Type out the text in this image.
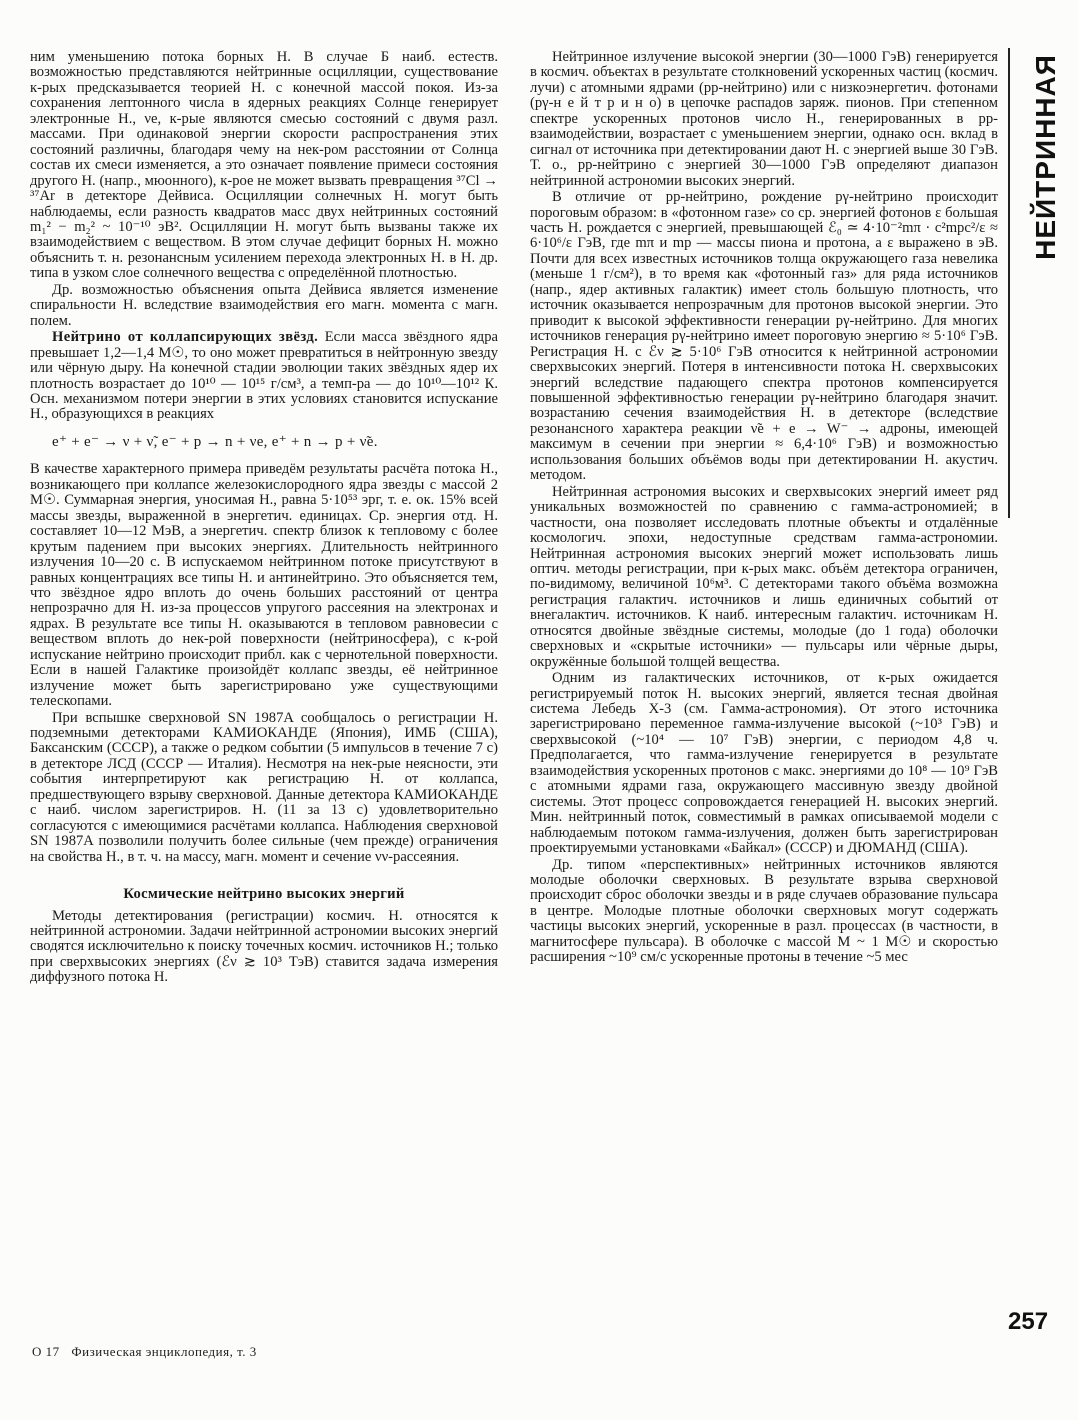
НЕЙТРИННАЯ

ним уменьшению потока борных Н. В случае Б наиб. естеств. возможностью представляются нейтринные осцилляции, существование к-рых предсказывается теорией Н. с конечной массой покоя. Из-за сохранения лептонного числа в ядерных реакциях Солнце генерирует электронные Н., νe, к-рые являются смесью состояний с двумя разл. массами. При одинаковой энергии скорости распространения этих состояний различны, благодаря чему на нек-ром расстоянии от Солнца состав их смеси изменяется, а это означает появление примеси состояния другого Н. (напр., мюонного), к-рое не может вызвать превращения ³⁷Cl → ³⁷Ar в детекторе Дейвиса. Осцилляции солнечных Н. могут быть наблюдаемы, если разность квадратов масс двух нейтринных состояний m₁² − m₂² ~ 10⁻¹⁰ эВ². Осцилляции Н. могут быть вызваны также их взаимодействием с веществом. В этом случае дефицит борных Н. можно объяснить т. н. резонансным усилением перехода электронных Н. в Н. др. типа в узком слое солнечного вещества с определённой плотностью.

Др. возможностью объяснения опыта Дейвиса является изменение спиральности Н. вследствие взаимодействия его магн. момента с магн. полем.

Нейтрино от коллапсирующих звёзд. Если масса звёздного ядра превышает 1,2—1,4 M☉, то оно может превратиться в нейтронную звезду или чёрную дыру. На конечной стадии эволюции таких звёздных ядер их плотность возрастает до 10¹⁰ — 10¹⁵ г/см³, а темп-ра — до 10¹⁰—10¹² К. Осн. механизмом потери энергии в этих условиях становится испускание Н., образующихся в реакциях

e⁺ + e⁻ → ν + ν̃, e⁻ + p → n + νe, e⁺ + n → p + ν̃e.

В качестве характерного примера приведём результаты расчёта потока Н., возникающего при коллапсе железокислородного ядра звезды с массой 2 M☉. Суммарная энергия, уносимая Н., равна 5·10⁵³ эрг, т. е. ок. 15% всей массы звезды, выраженной в энергетич. единицах. Ср. энергия отд. Н. составляет 10—12 МэВ, а энергетич. спектр близок к тепловому с более крутым падением при высоких энергиях. Длительность нейтринного излучения 10—20 с. В испускаемом нейтринном потоке присутствуют в равных концентрациях все типы Н. и антинейтрино. Это объясняется тем, что звёздное ядро вплоть до очень больших расстояний от центра непрозрачно для Н. из-за процессов упругого рассеяния на электронах и ядрах. В результате все типы Н. оказываются в тепловом равновесии с веществом вплоть до нек-рой поверхности (нейтриносфера), с к-рой испускание нейтрино происходит прибл. как с чернотельной поверхности. Если в нашей Галактике произойдёт коллапс звезды, её нейтринное излучение может быть зарегистрировано уже существующими телескопами.

При вспышке сверхновой SN 1987A сообщалось о регистрации Н. подземными детекторами КАМИОКАНДЕ (Япония), ИМБ (США), Баксанским (СССР), а также о редком событии (5 импульсов в течение 7 с) в детекторе ЛСД (СССР — Италия). Несмотря на нек-рые неясности, эти события интерпретируют как регистрацию Н. от коллапса, предшествующего взрыву сверхновой. Данные детектора КАМИОКАНДЕ с наиб. числом зарегистриров. Н. (11 за 13 с) удовлетворительно согласуются с имеющимися расчётами коллапса. Наблюдения сверхновой SN 1987A позволили получить более сильные (чем прежде) ограничения на свойства Н., в т. ч. на массу, магн. момент и сечение νν-рассеяния.

Космические нейтрино высоких энергий

Методы детектирования (регистрации) космич. Н. относятся к нейтринной астрономии. Задачи нейтринной астрономии высоких энергий сводятся исключительно к поиску точечных космич. источников Н.; только при сверхвысоких энергиях (ℰν ≳ 10³ ТэВ) ставится задача измерения диффузного потока Н.

Нейтринное излучение высокой энергии (30—1000 ГэВ) генерируется в космич. объектах в результате столкновений ускоренных частиц (космич. лучи) с атомными ядрами (pp-нейтрино) или с низкоэнергетич. фотонами (pγ-н е й т р и н о) в цепочке распадов заряж. пионов. При степенном спектре ускоренных протонов число Н., генерированных в pp-взаимодействии, возрастает с уменьшением энергии, однако осн. вклад в сигнал от источника при детектировании дают Н. с энергией выше 30 ГэВ. Т. о., pp-нейтрино с энергией 30—1000 ГэВ определяют диапазон нейтринной астрономии высоких энергий.

В отличие от pp-нейтрино, рождение pγ-нейтрино происходит пороговым образом: в «фотонном газе» со ср. энергией фотонов ε большая часть Н. рождается с энергией, превышающей ℰ₀ ≃ 4·10⁻²mπ · c²mpc²/ε ≈ 6·10⁶/ε ГэВ, где mπ и mp — массы пиона и протона, а ε выражено в эВ. Почти для всех известных источников толща окружающего газа невелика (меньше 1 г/см²), в то время как «фотонный газ» для ряда источников (напр., ядер активных галактик) имеет столь большую плотность, что источник оказывается непрозрачным для протонов высокой энергии. Это приводит к высокой эффективности генерации pγ-нейтрино. Для многих источников генерация pγ-нейтрино имеет пороговую энергию ≈ 5·10⁶ ГэВ. Регистрация Н. с ℰν ≳ 5·10⁶ ГэВ относится к нейтринной астрономии сверхвысоких энергий. Потеря в интенсивности потока Н. сверхвысоких энергий вследствие падающего спектра протонов компенсируется повышенной эффективностью генерации pγ-нейтрино благодаря значит. возрастанию сечения взаимодействия Н. в детекторе (вследствие резонансного характера реакции ν̃e + e → W⁻ → адроны, имеющей максимум в сечении при энергии ≈ 6,4·10⁶ ГэВ) и возможностью использования больших объёмов воды при детектировании Н. акустич. методом.

Нейтринная астрономия высоких и сверхвысоких энергий имеет ряд уникальных возможностей по сравнению с гамма-астрономией; в частности, она позволяет исследовать плотные объекты и отдалённые космологич. эпохи, недоступные средствам гамма-астрономии. Нейтринная астрономия высоких энергий может использовать лишь оптич. методы регистрации, при к-рых макс. объём детектора ограничен, по-видимому, величиной 10⁶м³. С детекторами такого объёма возможна регистрация галактич. источников и лишь единичных событий от внегалактич. источников. К наиб. интересным галактич. источникам Н. относятся двойные звёздные системы, молодые (до 1 года) оболочки сверхновых и «скрытые источники» — пульсары или чёрные дыры, окружённые большой толщей вещества.

Одним из галактических источников, от к-рых ожидается регистрируемый поток Н. высоких энергий, является тесная двойная система Лебедь X-3 (см. Гамма-астрономия). От этого источника зарегистрировано переменное гамма-излучение высокой (~10³ ГэВ) и сверхвысокой (~10⁴ — 10⁷ ГэВ) энергии, с периодом 4,8 ч. Предполагается, что гамма-излучение генерируется в результате взаимодействия ускоренных протонов с макс. энергиями до 10⁸ — 10⁹ ГэВ с атомными ядрами газа, окружающего массивную звезду двойной системы. Этот процесс сопровождается генерацией Н. высоких энергий. Мин. нейтринный поток, совместимый в рамках описываемой модели с наблюдаемым потоком гамма-излучения, должен быть зарегистрирован проектируемыми установками «Байкал» (СССР) и ДЮМАНД (США).

Др. типом «перспективных» нейтринных источников являются молодые оболочки сверхновых. В результате взрыва сверхновой происходит сброс оболочки звезды и в ряде случаев образование пульсара в центре. Молодые плотные оболочки сверхновых могут содержать частицы высоких энергий, ускоренные в разл. процессах (в частности, в магнитосфере пульсара). В оболочке с массой M ~ 1 M☉ и скоростью расширения ~10⁹ см/с ускоренные протоны в течение ~5 мес

257
О 17 Физическая энциклопедия, т. 3
